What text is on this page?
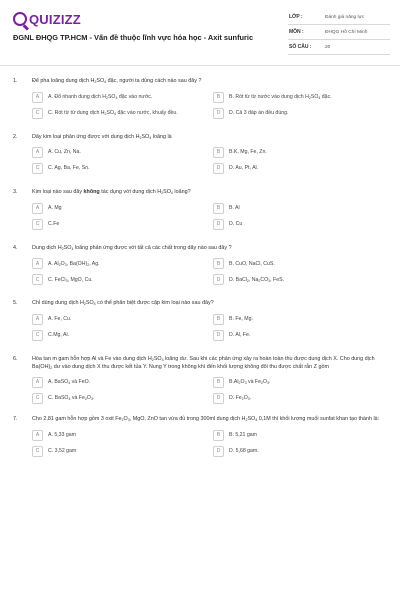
QUIZIZZ
ĐGNL ĐHQG TP.HCM - Vấn đề thuộc lĩnh vực hóa học - Axit sunfuric
LỚP :	Đánh giá năng lực
MÔN :	ĐHQG Hồ Chí Minh
SỐ CÂU :	20
1.	Để pha loãng dung dịch $H_2SO_4$ đặc, người ta dùng cách nào sau đây ?
A	A. Đổ nhanh dung dịch $H_2SO_4$ đặc vào nước.	B	B. Rót từ từ nước vào dung dịch $H_2SO_4$ đặc.
C	C. Rót từ từ dung dịch $H_2SO_4$ đặc vào nước, khuấy đều.	D	D. Cả 3 đáp án đều đúng.
2.	Dãy kim loại phản ứng được với dung dịch $H_2SO_4$ loãng là
A	A. Cu, Zn, Na.	B	B.K, Mg, Fe, Zn.
C	C. Ag, Ba, Fe, Sn.	D	D. Au, Pt, Al.
3.	Kim loại nào sau đây không tác dụng với dung dịch $H_2SO_4$ loãng?
A	A. Mg	B	B. Al
C	C.Fe	D	D. Cu
4.	Dung dịch $H_2SO_4$ loãng phản ứng được với tất cả các chất trong dãy nào sau đây ?
A	A. $Al_2O_3$, $Ba(OH)_2$, Ag.	B	B. CuO, NaCl, CuS.
C	C. FeCl$_3$, MgO, Cu.	D	D. BaCl$_2$, $Na_2CO_3$, FeS.
5.	Chỉ dùng dung dịch $H_2SO_4$ có thể phân biệt được cặp kim loại nào sau đây?
A	A. Fe, Cu.	B	B. Fe, Mg.
C	C.Mg, Al.	D	D. Al, Fe.
6.	Hòa tan m gam hỗn hợp Al và Fe vào dung dịch $H_2SO_4$ loãng dư. Sau khi các phản ứng xảy ra hoàn toàn thu được dung dịch X. Cho dung dịch $Ba(OH)_2$ dư vào dung dịch X thu được kết tủa Y. Nung Y trong không khí đến khối lượng không đổi thu được chất rắn Z gồm
A	A. BaSO$_4$ và FeO.	B	$B.Al_2O_3$ và $Fe_2O_3$.
C	C. BaSO$_4$ và $Fe_2O_3$.	D	D. $Fe_2O_3$.
7.	Cho 2,81 gam hỗn hợp gồm 3 oxit $Fe_2O_3$, MgO, ZnO tan vừa đủ trong 300ml dung dịch $H_2SO_4$ 0,1M thì khối lượng muối sunfat khan tạo thành là:
A	A. 5,33 gam	B	B. 5,21 gam
C	C. 3,52 gam	D	D. 5,68 gam.
